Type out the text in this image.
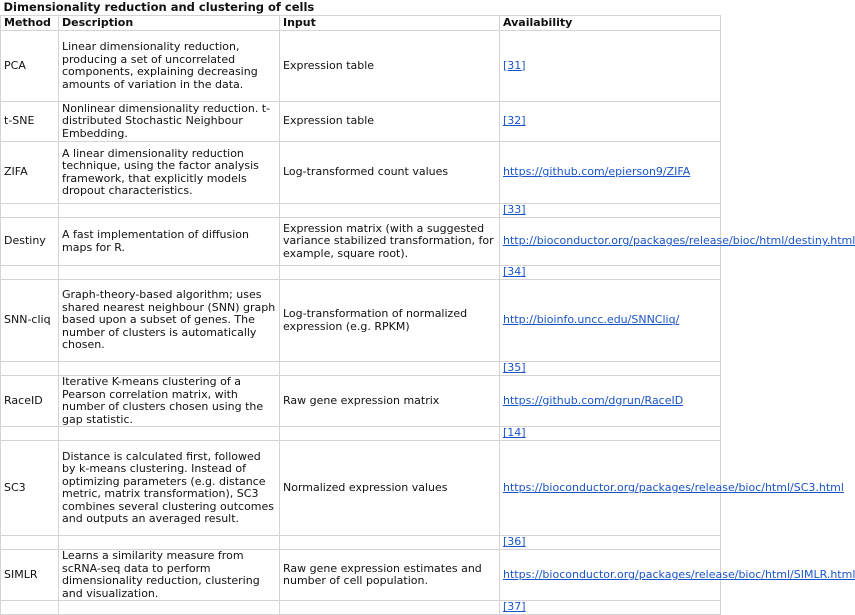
Dimensionality reduction and clustering of cells			
Method	Description	Input	Availability
PCA	Linear dimensionality reduction, producing a set of uncorrelated components, explaining decreasing amounts of variation in the data.	Expression table	[31]
t-SNE	Nonlinear dimensionality reduction. t-distributed Stochastic Neighbour Embedding.	Expression table	[32]
ZIFA	A linear dimensionality reduction technique, using the factor analysis framework, that explicitly models dropout characteristics.	Log-transformed count values	https://github.com/epierson9/ZIFA
			[33]
Destiny	A fast implementation of diffusion maps for R.	Expression matrix (with a suggested variance stabilized transformation, for example, square root).	http://bioconductor.org/packages/release/bioc/html/destiny.html
			[34]
SNN-cliq	Graph-theory-based algorithm; uses shared nearest neighbour (SNN) graph based upon a subset of genes. The number of clusters is automatically chosen.	Log-transformation of normalized expression (e.g. RPKM)	http://bioinfo.uncc.edu/SNNCliq/
			[35]
RaceID	Iterative K-means clustering of a Pearson correlation matrix, with number of clusters chosen using the gap statistic.	Raw gene expression matrix	https://github.com/dgrun/RaceID
			[14]
SC3	Distance is calculated first, followed by k-means clustering. Instead of optimizing parameters (e.g. distance metric, matrix transformation), SC3 combines several clustering outcomes and outputs an averaged result.	Normalized expression values	https://bioconductor.org/packages/release/bioc/html/SC3.html
			[36]
SIMLR	Learns a similarity measure from scRNA-seq data to perform dimensionality reduction, clustering and visualization.	Raw gene expression estimates and number of cell population.	https://bioconductor.org/packages/release/bioc/html/SIMLR.html
			[37]
